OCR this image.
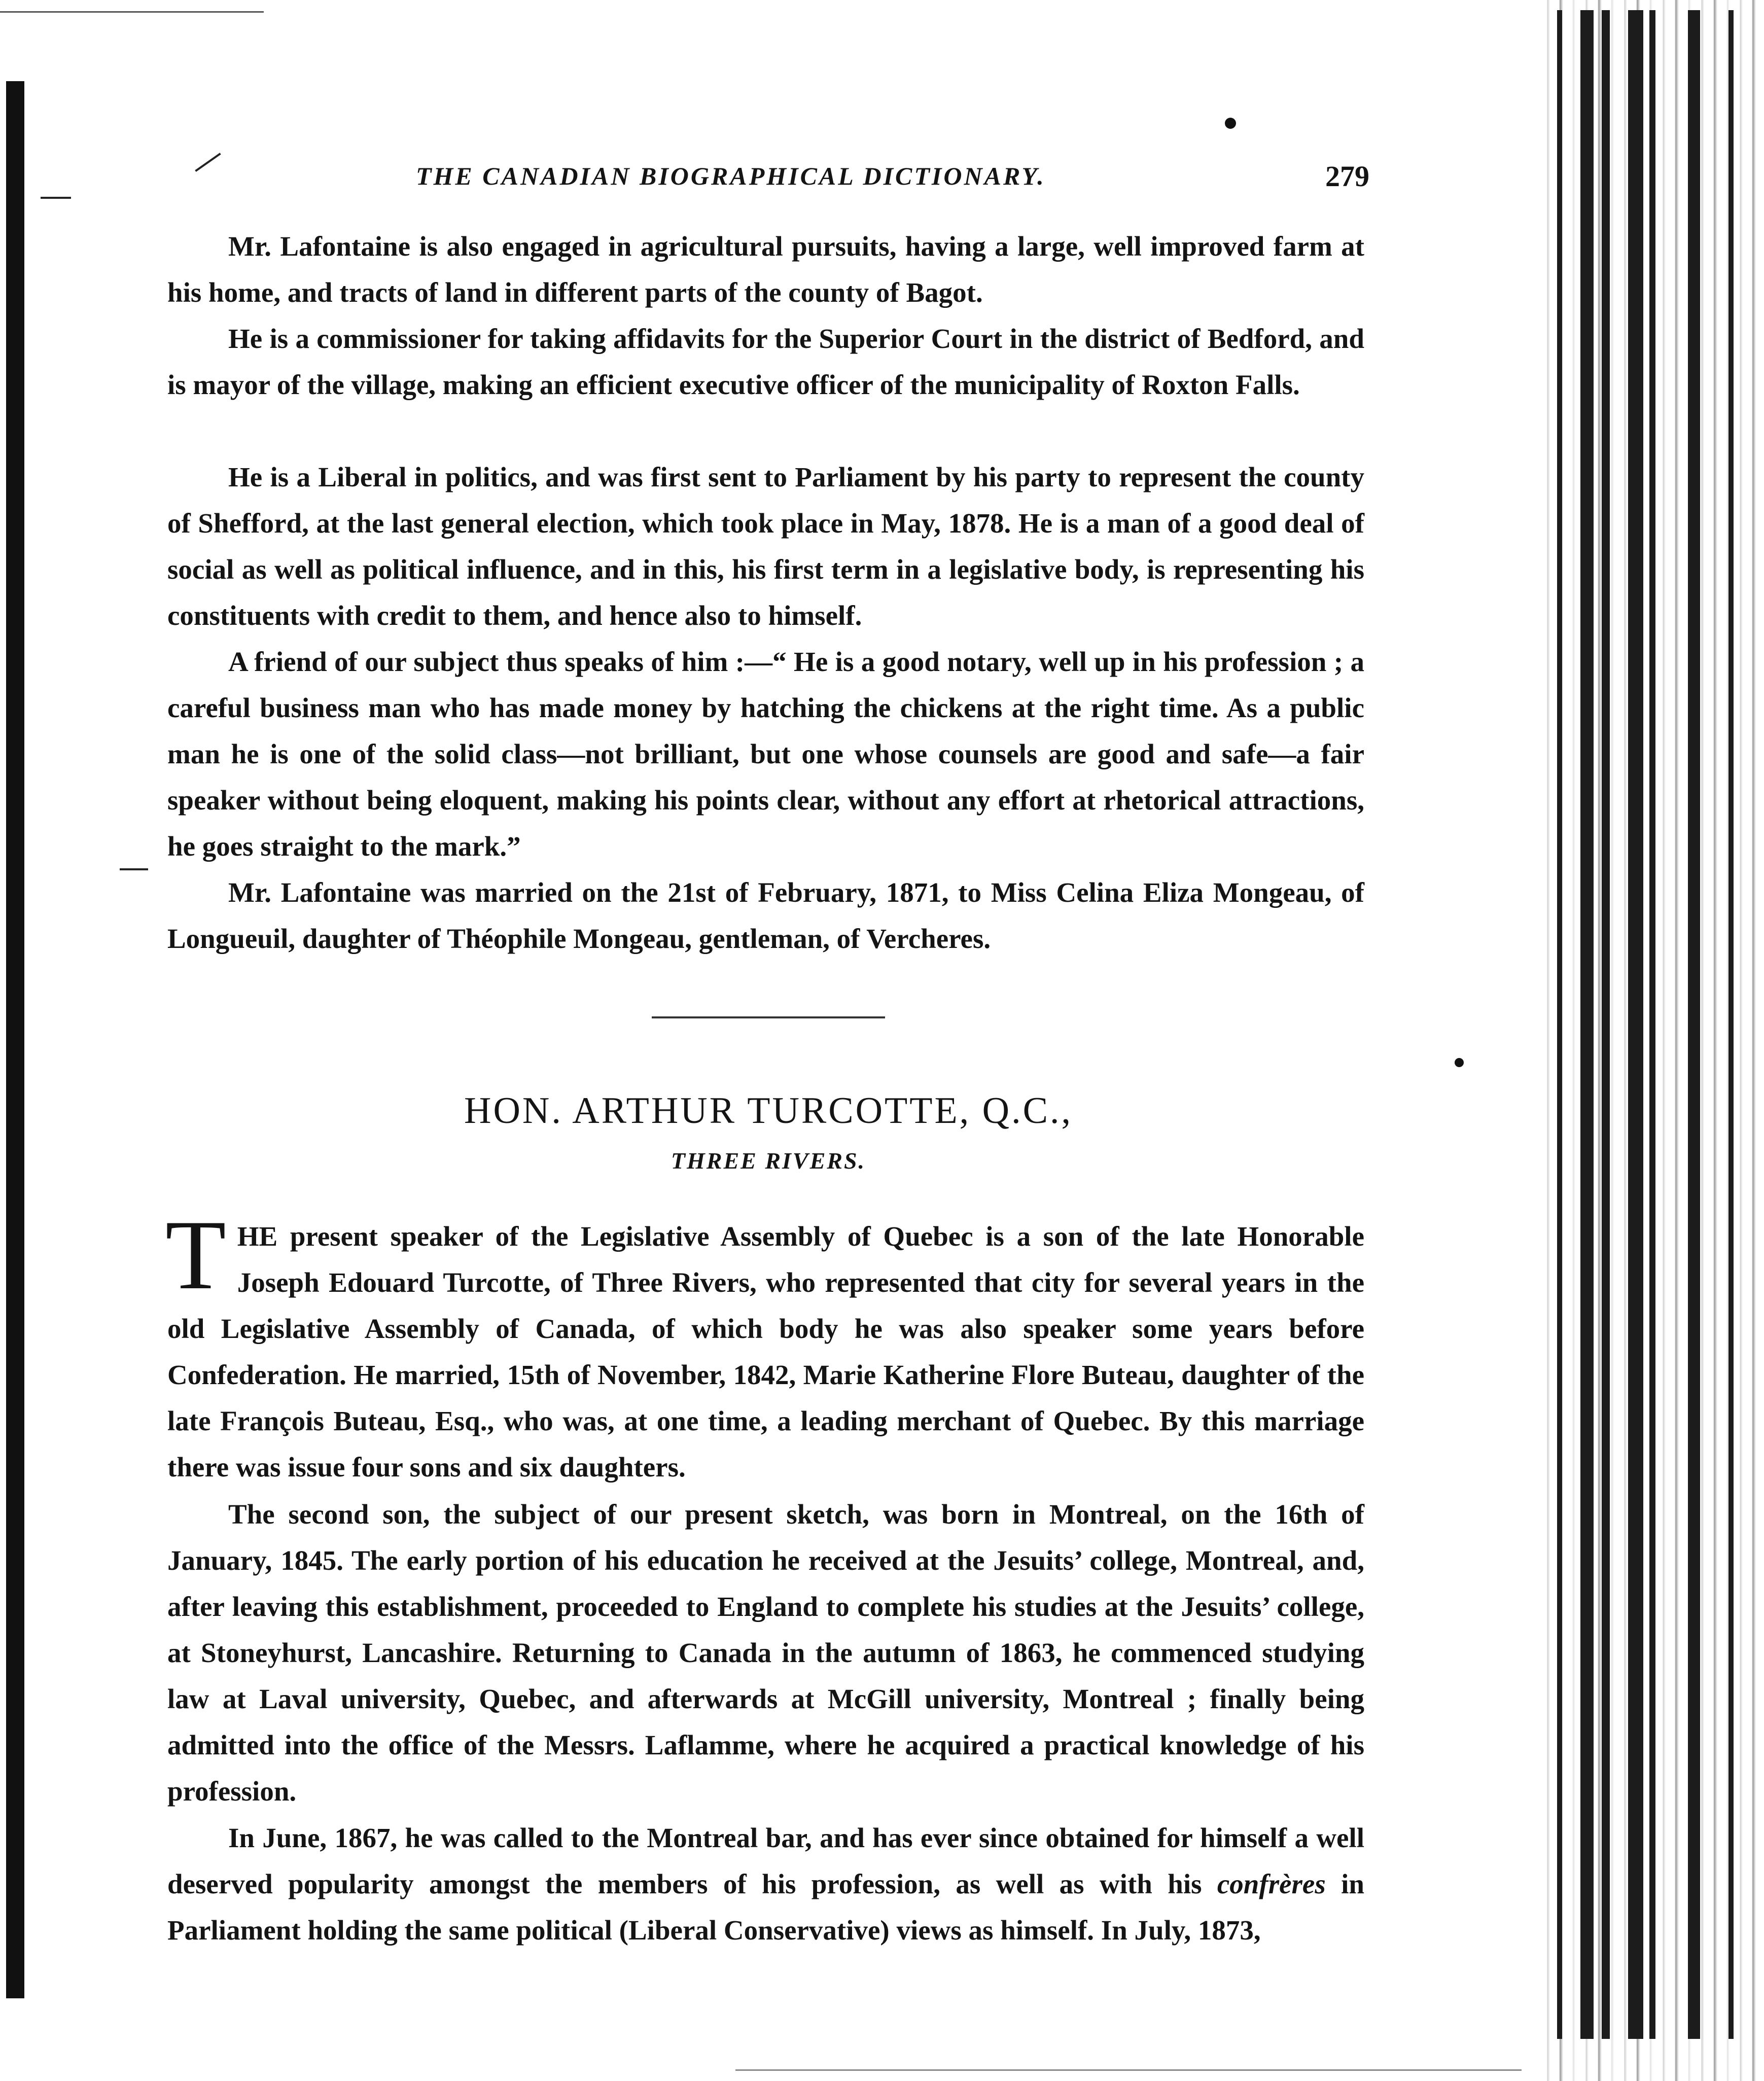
THE CANADIAN BIOGRAPHICAL DICTIONARY.	279

Mr. Lafontaine is also engaged in agricultural pursuits, having a large, well improved farm at his home, and tracts of land in different parts of the county of Bagot.

He is a commissioner for taking affidavits for the Superior Court in the district of Bedford, and is mayor of the village, making an efficient executive officer of the municipality of Roxton Falls.

He is a Liberal in politics, and was first sent to Parliament by his party to represent the county of Shefford, at the last general election, which took place in May, 1878. He is a man of a good deal of social as well as political influence, and in this, his first term in a legislative body, is representing his constituents with credit to them, and hence also to himself.

A friend of our subject thus speaks of him :—“ He is a good notary, well up in his profession ; a careful business man who has made money by hatching the chickens at the right time. As a public man he is one of the solid class—not brilliant, but one whose counsels are good and safe—a fair speaker without being eloquent, making his points clear, without any effort at rhetorical attractions, he goes straight to the mark.”

Mr. Lafontaine was married on the 21st of February, 1871, to Miss Celina Eliza Mongeau, of Longueuil, daughter of Théophile Mongeau, gentleman, of Vercheres.

HON. ARTHUR TURCOTTE, Q.C.,
THREE RIVERS.

THE present speaker of the Legislative Assembly of Quebec is a son of the late Honorable Joseph Edouard Turcotte, of Three Rivers, who represented that city for several years in the old Legislative Assembly of Canada, of which body he was also speaker some years before Confederation. He married, 15th of November, 1842, Marie Katherine Flore Buteau, daughter of the late François Buteau, Esq., who was, at one time, a leading merchant of Quebec. By this marriage there was issue four sons and six daughters.

The second son, the subject of our present sketch, was born in Montreal, on the 16th of January, 1845. The early portion of his education he received at the Jesuits’ college, Montreal, and, after leaving this establishment, proceeded to England to complete his studies at the Jesuits’ college, at Stoneyhurst, Lancashire. Returning to Canada in the autumn of 1863, he commenced studying law at Laval university, Quebec, and afterwards at McGill university, Montreal ; finally being admitted into the office of the Messrs. Laflamme, where he acquired a practical knowledge of his profession.

In June, 1867, he was called to the Montreal bar, and has ever since obtained for himself a well deserved popularity amongst the members of his profession, as well as with his confrères in Parliament holding the same political (Liberal Conservative) views as himself. In July, 1873,
